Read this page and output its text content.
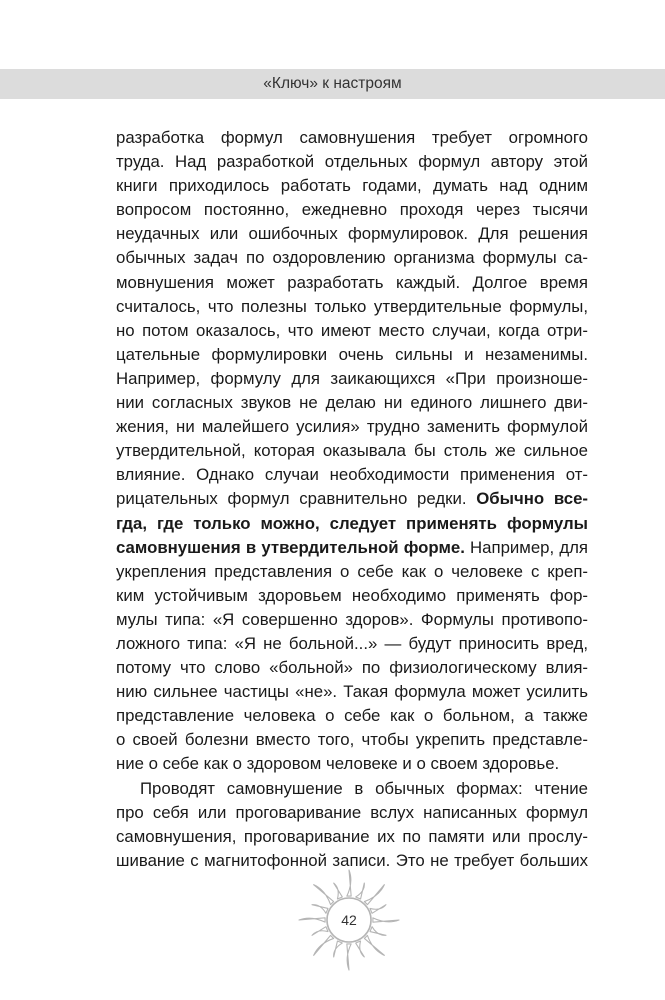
«Ключ» к настроям
разработка формул самовнушения требует огромного
труда. Над разработкой отдельных формул автору этой
книги приходилось работать годами, думать над одним
вопросом постоянно, ежедневно проходя через тысячи
неудачных или ошибочных формулировок. Для решения
обычных задач по оздоровлению организма формулы са-
мовнушения может разработать каждый. Долгое время
считалось, что полезны только утвердительные формулы,
но потом оказалось, что имеют место случаи, когда отри-
цательные формулировки очень сильны и незаменимы.
Например, формулу для заикающихся «При произноше-
нии согласных звуков не делаю ни единого лишнего дви-
жения, ни малейшего усилия» трудно заменить формулой
утвердительной, которая оказывала бы столь же сильное
влияние. Однако случаи необходимости применения от-
рицательных формул сравнительно редки. Обычно все-
гда, где только можно, следует применять формулы
самовнушения в утвердительной форме. Например, для
укрепления представления о себе как о человеке с креп-
ким устойчивым здоровьем необходимо применять фор-
мулы типа: «Я совершенно здоров». Формулы противопо-
ложного типа: «Я не больной...» — будут приносить вред,
потому что слово «больной» по физиологическому влия-
нию сильнее частицы «не». Такая формула может усилить
представление человека о себе как о больном, а также
о своей болезни вместо того, чтобы укрепить представле-
ние о себе как о здоровом человеке и о своем здоровье.
Проводят самовнушение в обычных формах: чтение
про себя или проговаривание вслух написанных формул
самовнушения, проговаривание их по памяти или прослу-
шивание с магнитофонной записи. Это не требует больших
42
